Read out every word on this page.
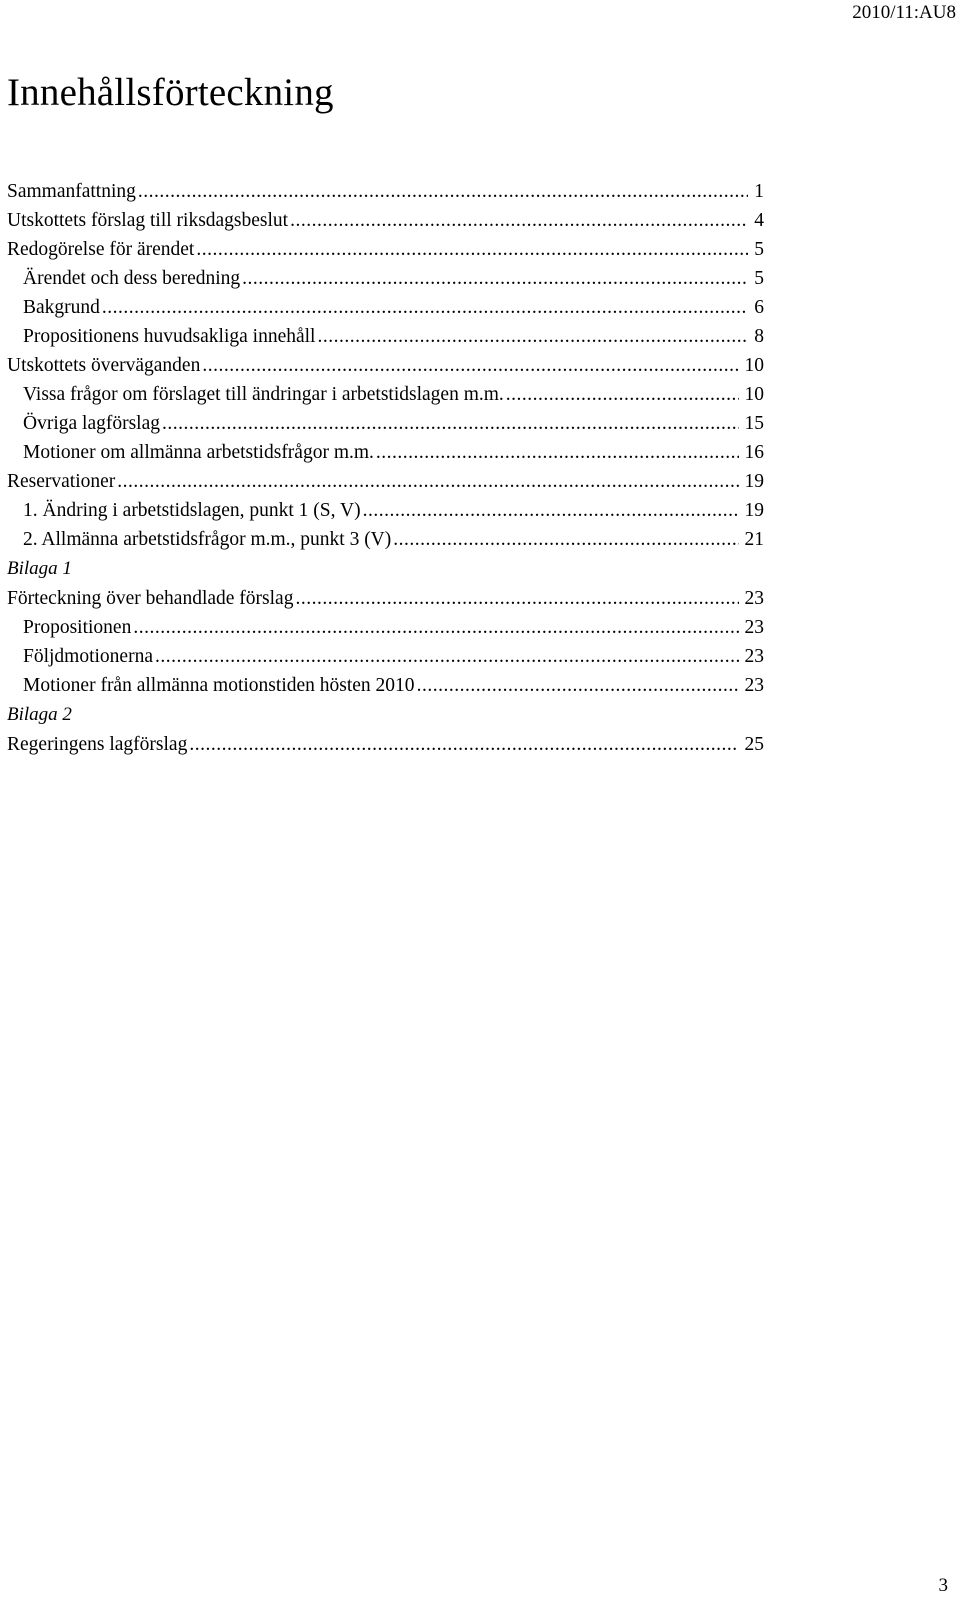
2010/11:AU8
Innehållsförteckning
Sammanfattning .....	1
Utskottets förslag till riksdagsbeslut .....	4
Redogörelse för ärendet .....	5
Ärendet och dess beredning .....	5
Bakgrund .....	6
Propositionens huvudsakliga innehåll .....	8
Utskottets överväganden .....	10
Vissa frågor om förslaget till ändringar i arbetstidslagen m.m. .....	10
Övriga lagförslag .....	15
Motioner om allmänna arbetstidsfrågor m.m. .....	16
Reservationer .....	19
1. Ändring i arbetstidslagen, punkt 1 (S, V) .....	19
2. Allmänna arbetstidsfrågor m.m., punkt 3 (V) .....	21
Bilaga 1
Förteckning över behandlade förslag .....	23
Propositionen .....	23
Följdmotionerna .....	23
Motioner från allmänna motionstiden hösten 2010 .....	23
Bilaga 2
Regeringens lagförslag .....	25
3
